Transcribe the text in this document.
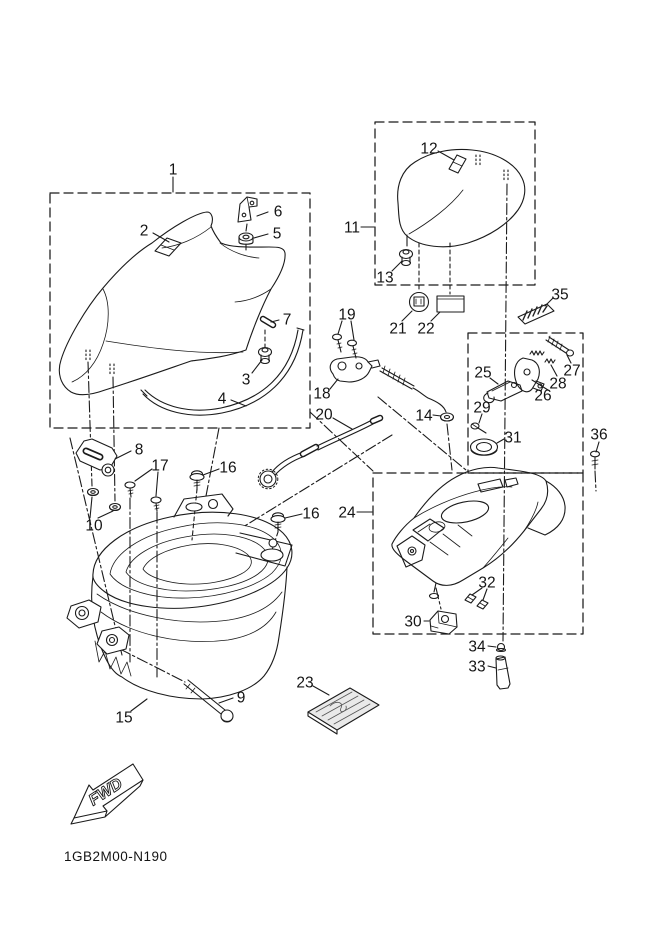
1
2
3
4
5
6
7
8
9
10
11
12
13
14
15
16
16
17
18
19
20
21 22
23
24
25
26
27
28
29
30
31
32
33
34
35
36
FWD
1GB2M00-N190
